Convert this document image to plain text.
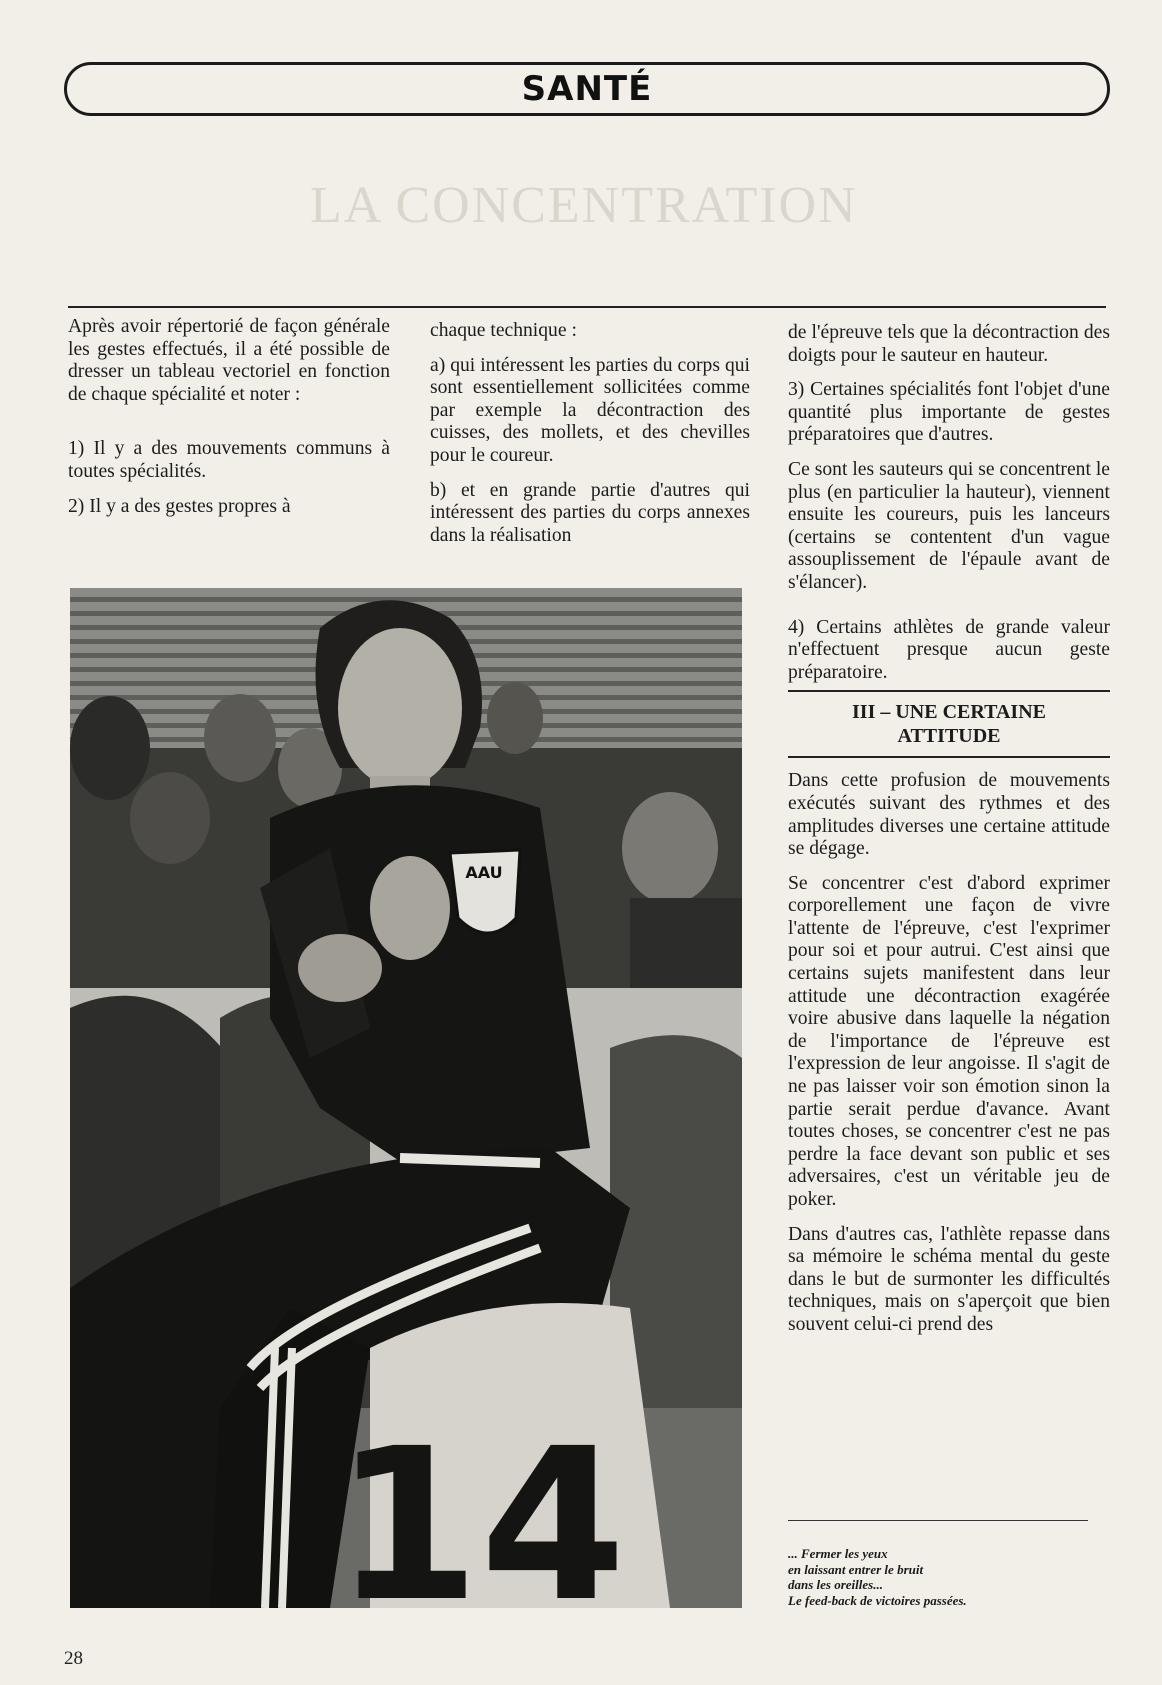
SANTÉ
LA CONCENTRATION

Après avoir répertorié de façon générale les gestes effectués, il a été possible de dresser un tableau vectoriel en fonction de chaque spécialité et noter :

1) Il y a des mouvements communs à toutes spécialités.

2) Il y a des gestes propres à

chaque technique :

a) qui intéressent les parties du corps qui sont essentiellement sollicitées comme par exemple la décontraction des cuisses, des mollets, et des chevilles pour le coureur.

b) et en grande partie d'autres qui intéressent des parties du corps annexes dans la réalisation

de l'épreuve tels que la décontraction des doigts pour le sauteur en hauteur.

3) Certaines spécialités font l'objet d'une quantité plus importante de gestes préparatoires que d'autres.

Ce sont les sauteurs qui se concentrent le plus (en particulier la hauteur), viennent ensuite les coureurs, puis les lanceurs (certains se contentent d'un vague assouplissement de l'épaule avant de s'élancer).

4) Certains athlètes de grande valeur n'effectuent presque aucun geste préparatoire.

III – UNE CERTAINE
ATTITUDE

Dans cette profusion de mouvements exécutés suivant des rythmes et des amplitudes diverses une certaine attitude se dégage.

Se concentrer c'est d'abord exprimer corporellement une façon de vivre l'attente de l'épreuve, c'est l'exprimer pour soi et pour autrui. C'est ainsi que certains sujets manifestent dans leur attitude une décontraction exagérée voire abusive dans laquelle la négation de l'importance de l'épreuve est l'expression de leur angoisse. Il s'agit de ne pas laisser voir son émotion sinon la partie serait perdue d'avance. Avant toutes choses, se concentrer c'est ne pas perdre la face devant son public et ses adversaires, c'est un véritable jeu de poker.

Dans d'autres cas, l'athlète repasse dans sa mémoire le schéma mental du geste dans le but de surmonter les difficultés techniques, mais on s'aperçoit que bien souvent celui-ci prend des

AAU
14	... Fermer les yeux
en laissant entrer le bruit
dans les oreilles...
Le feed-back de victoires passées.
28
